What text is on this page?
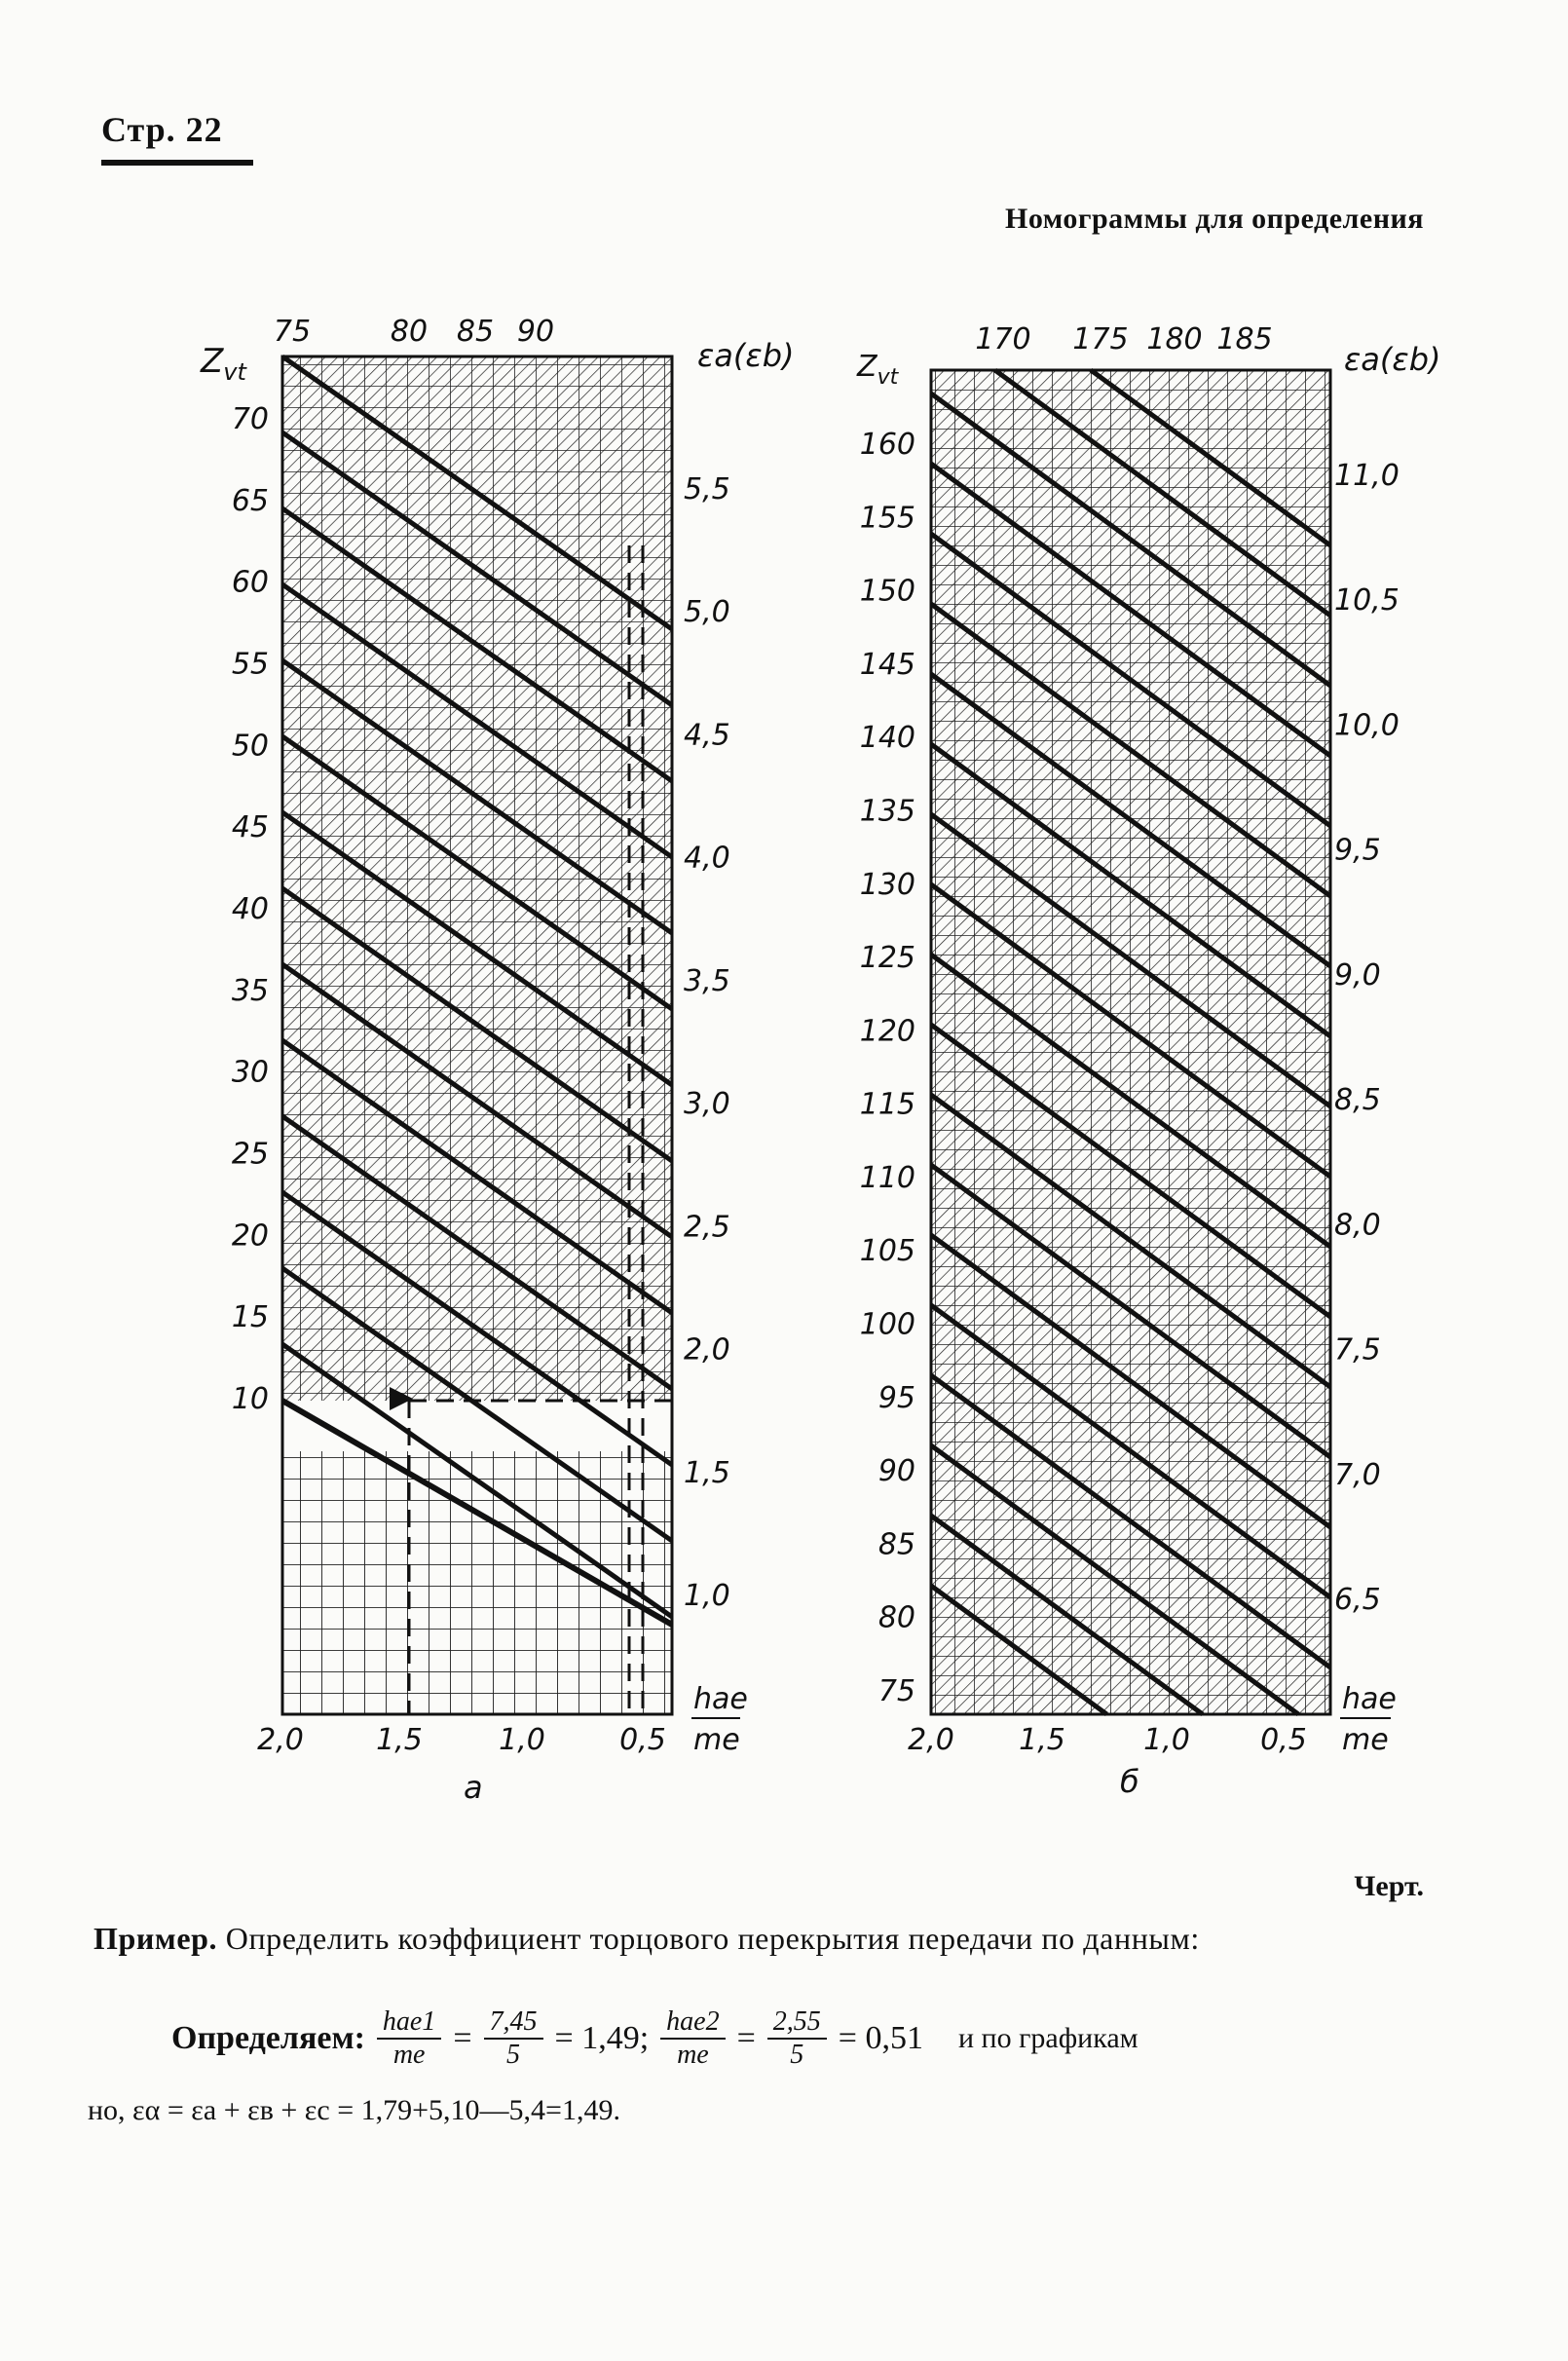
Стр. 22
Номограммы для определения
$Z_{vt}$	εa(εb)
75	80 85 90
70
65
60
55
50
45
40
35
30
25
20
15
10
5,5
5,0
4,5
4,0
3,5
3,0
2,5
2,0
1,5
1,0
2,0 1,5	1,0	0,5
hae
me
а
$Z_{vt}$	εa(εb)
170 175 180 185
160
155
150
145
140
135
130
125
120
115
110
105
100
95
90
85
80
75
11,0
10,5
10,0
9,5
9,0
8,5
8,0
7,5
7,0
6,5
2,0 1,5	1,0 0,5
hae
me
б
Черт.
Пример. Определить коэффициент торцового перекрытия передачи по данным:
Определяем: $\frac{\text{hae1}}{me} = \frac{7,45}{5} = 1,49$; $\frac{\text{hae2}}{me} = \frac{2,55}{5} = 0,51$ и по графикам
но, εα = εa + εв + εc = 1,79+5,10—5,4=1,49.
